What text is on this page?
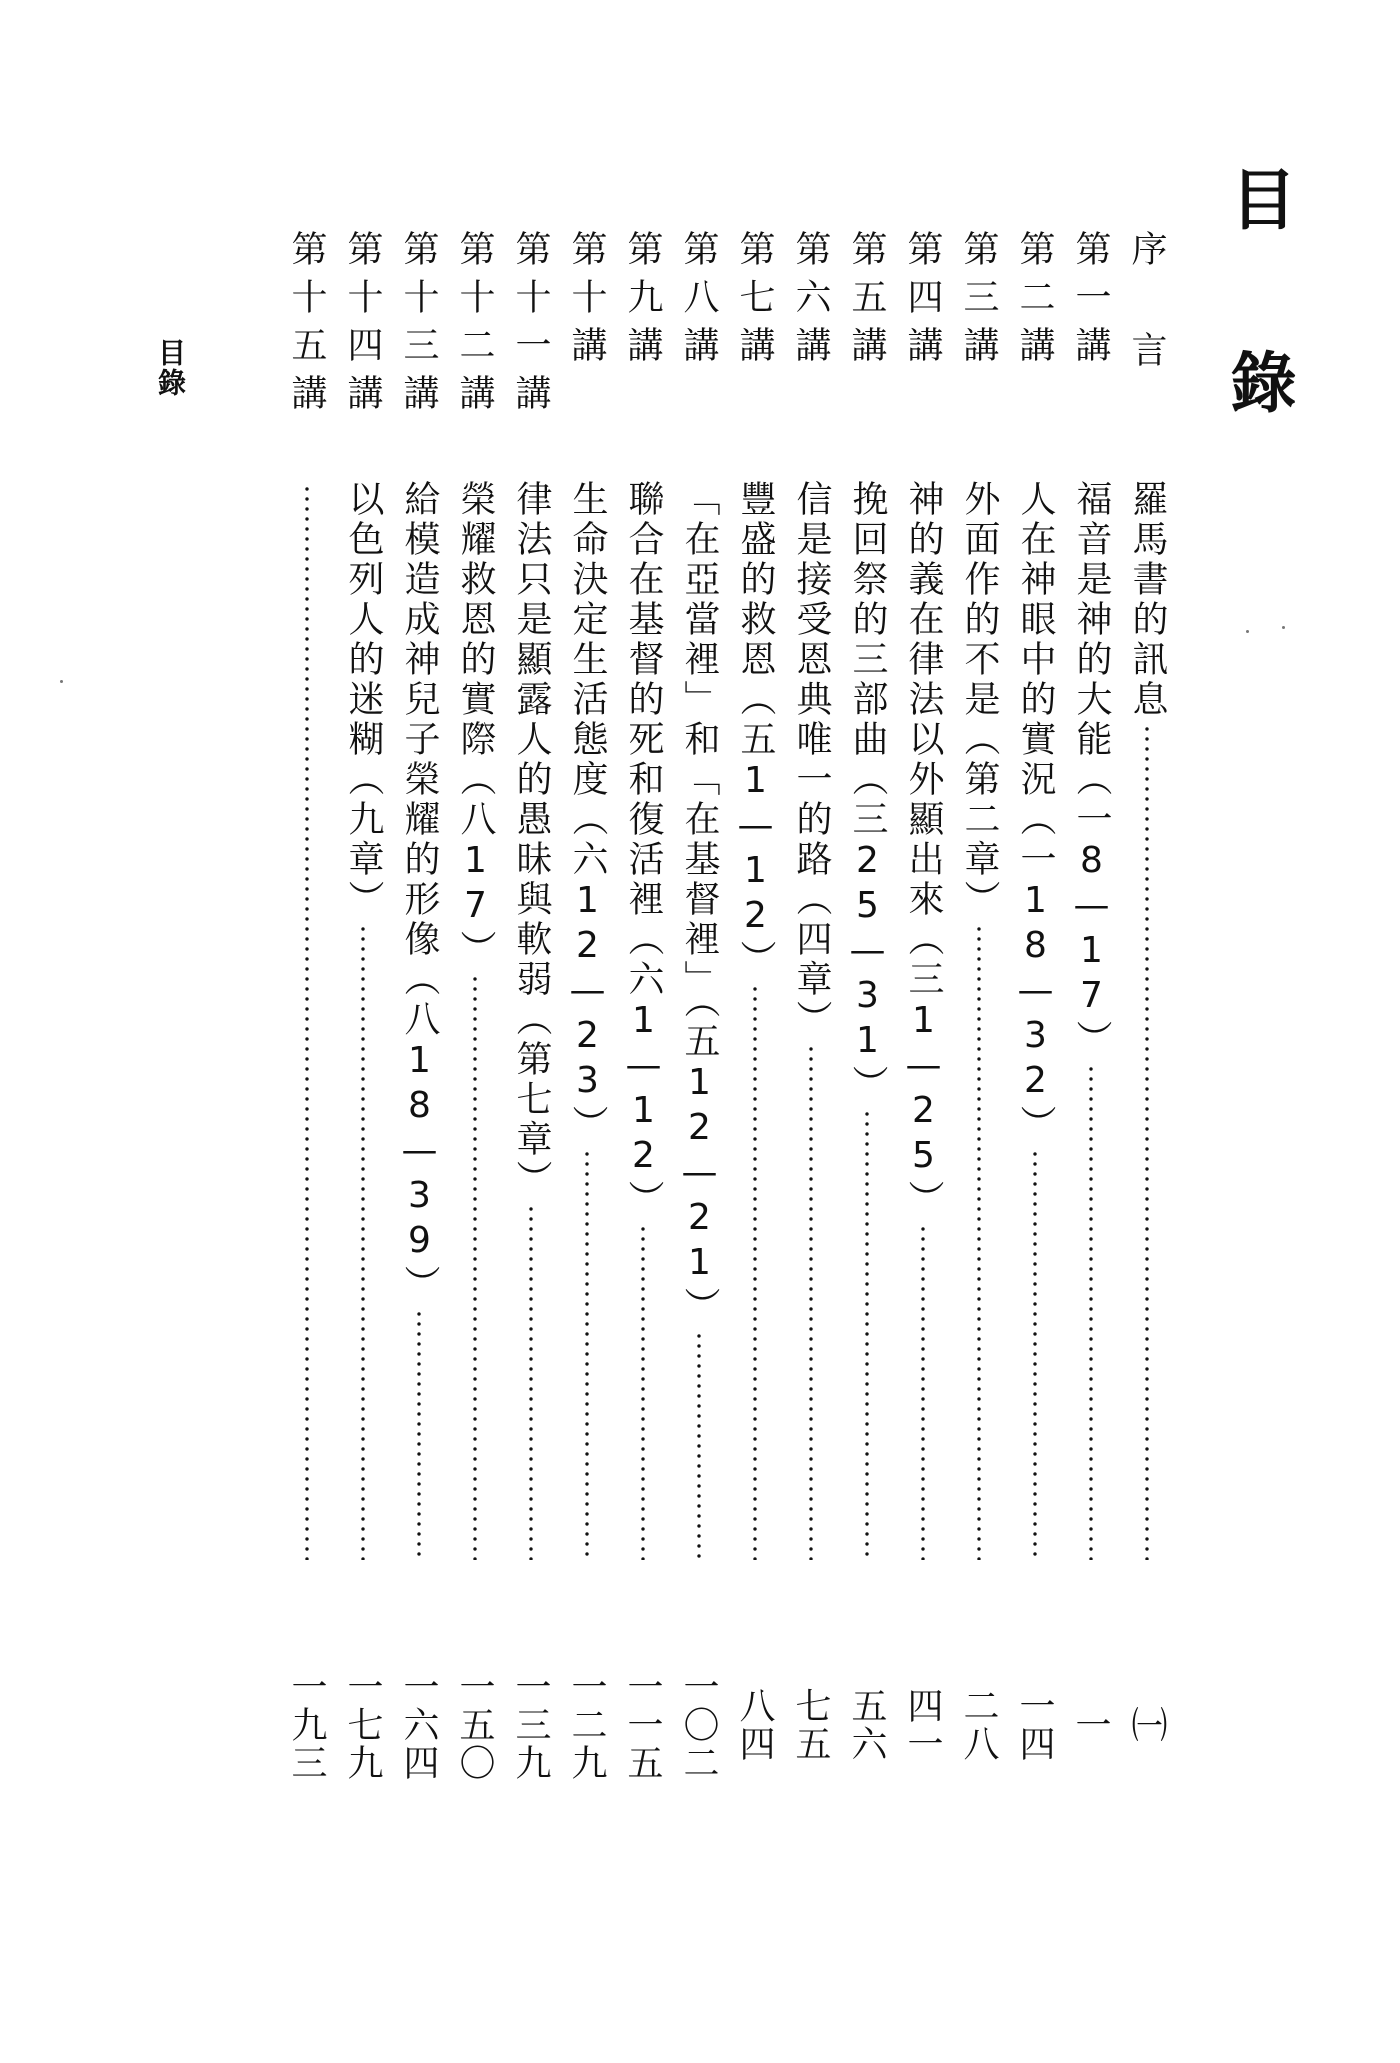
目 錄
目錄	序 言
羅馬書的訊息
㈠
第一講
福音是神的大能（一8—17）
一
第二講
人在神眼中的實況（一18—32）
一四
第三講
外面作的不是（第二章）
二八
第四講
神的義在律法以外顯出來（三1—25）
四一
第五講
挽回祭的三部曲（三25—31）
五六
第六講
信是接受恩典唯一的路（四章）
七五
第七講
豐盛的救恩（五1—12）
八四
第八講
「在亞當裡」和「在基督裡」（五12—21）
一〇二
第九講
聯合在基督的死和復活裡（六1—12）
一一五
第十講
生命決定生活態度（六12—23）
一二九
第十一講
律法只是顯露人的愚昧與軟弱（第七章）
一三九
第十二講
榮耀救恩的實際（八17）
一五〇
第十三講
給模造成神兒子榮耀的形像（八18—39）
一六四
第十四講
以色列人的迷糊（九章）
一七九
第十五講
一九三
